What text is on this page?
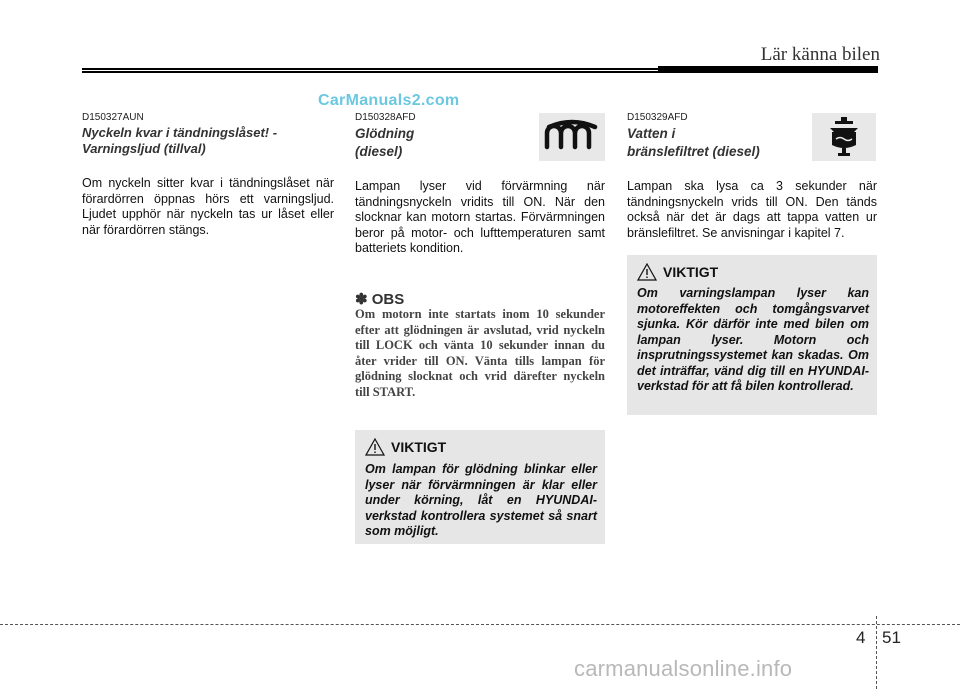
Lär känna bilen
CarManuals2.com
D150327AUN
Nyckeln kvar i tändningslåset! -
Varningsljud (tillval)
Om nyckeln sitter kvar i tändningslåset när förardörren öppnas hörs ett varningsljud. Ljudet upphör när nyckeln tas ur låset eller när förardörren stängs.
D150328AFD
Glödning
(diesel)
Lampan lyser vid förvärmning när tändningsnyckeln vridits till ON. När den slocknar kan motorn startas. Förvärmningen beror på motor- och lufttemperaturen samt batteriets kondition.
✽ OBS
Om motorn inte startats inom 10 sekunder efter att glödningen är avslutad, vrid nyckeln till LOCK och vänta 10 sekunder innan du åter vrider till ON. Vänta tills lampan för glödning slocknat och vrid därefter nyckeln till START.
VIKTIGT
Om lampan för glödning blinkar eller lyser när förvärmningen är klar eller under körning, låt en HYUNDAI-verkstad kontrollera systemet så snart som möjligt.
D150329AFD
Vatten i
bränslefiltret (diesel)
Lampan ska lysa ca 3 sekunder när tändningsnyckeln vrids till ON. Den tänds också när det är dags att tappa vatten ur bränslefiltret. Se anvisningar i kapitel 7.
VIKTIGT
Om varningslampan lyser kan motoreffekten och tomgångsvarvet sjunka. Kör därför inte med bilen om lampan lyser. Motorn och insprutningssystemet kan skadas. Om det inträffar, vänd dig till en HYUNDAI-verkstad för att få bilen kontrollerad.
4 51
carmanualsonline.info
